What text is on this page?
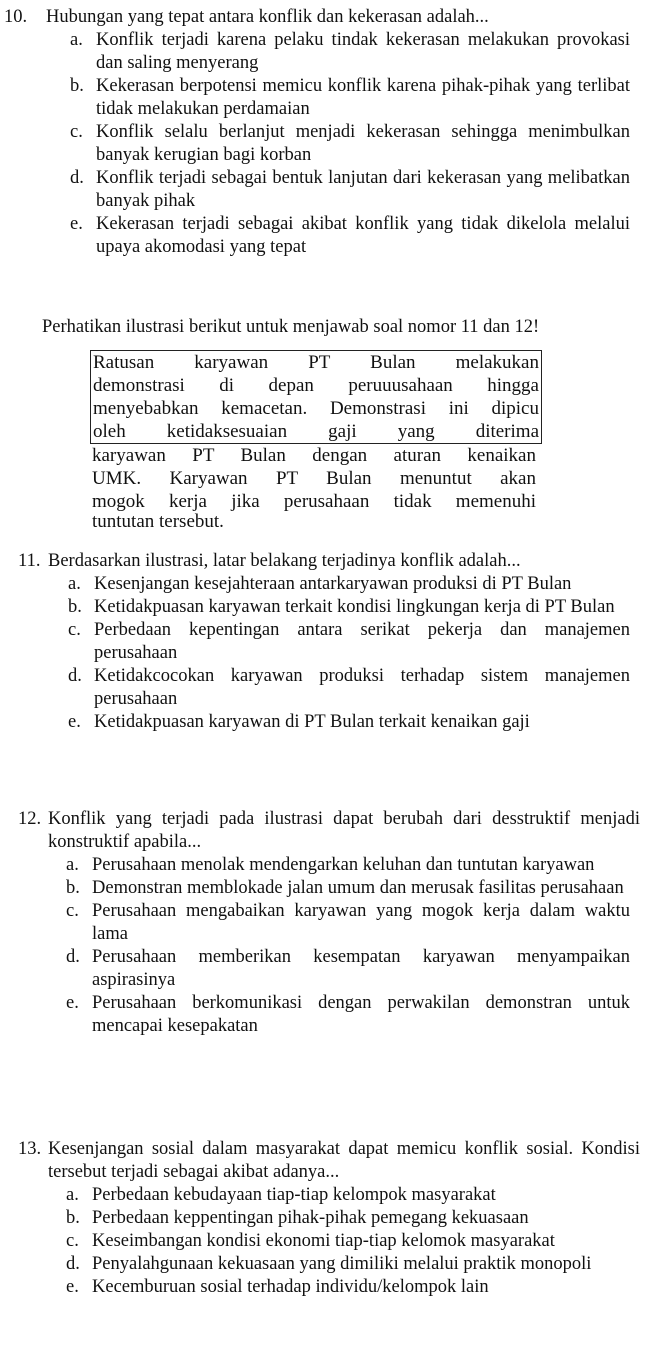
10.	Hubungan yang tepat antara konflik dan kekerasan adalah...
a. Konflik terjadi karena pelaku tindak kekerasan melakukan provokasi dan saling menyerang
b. Kekerasan berpotensi memicu konflik karena pihak-pihak yang terlibat tidak melakukan perdamaian
c. Konflik selalu berlanjut menjadi kekerasan sehingga menimbulkan banyak kerugian bagi korban
d. Konflik terjadi sebagai bentuk lanjutan dari kekerasan yang melibatkan banyak pihak
e. Kekerasan terjadi sebagai akibat konflik yang tidak dikelola melalui upaya akomodasi yang tepat
Perhatikan ilustrasi berikut untuk menjawab soal nomor 11 dan 12!
Ratusan karyawan PT Bulan melakukan
demonstrasi di depan peruuusahaan hingga
menyebabkan kemacetan. Demonstrasi ini dipicu
oleh ketidaksesuaian gaji yang diterima
karyawan PT Bulan dengan aturan kenaikan
UMK. Karyawan PT Bulan menuntut akan
mogok kerja jika perusahaan tidak memenuhi
tuntutan tersebut.
11. Berdasarkan ilustrasi, latar belakang terjadinya konflik adalah...
a. Kesenjangan kesejahteraan antarkaryawan produksi di PT Bulan
b. Ketidakpuasan karyawan terkait kondisi lingkungan kerja di PT Bulan
c. Perbedaan kepentingan antara serikat pekerja dan manajemen perusahaan
d. Ketidakcocokan karyawan produksi terhadap sistem manajemen perusahaan
e. Ketidakpuasan karyawan di PT Bulan terkait kenaikan gaji
12. Konflik yang terjadi pada ilustrasi dapat berubah dari desstruktif menjadi konstruktif apabila...
a. Perusahaan menolak mendengarkan keluhan dan tuntutan karyawan
b. Demonstran memblokade jalan umum dan merusak fasilitas perusahaan
c. Perusahaan mengabaikan karyawan yang mogok kerja dalam waktu lama
d. Perusahaan memberikan kesempatan karyawan menyampaikan aspirasinya
e. Perusahaan berkomunikasi dengan perwakilan demonstran untuk mencapai kesepakatan
13. Kesenjangan sosial dalam masyarakat dapat memicu konflik sosial. Kondisi tersebut terjadi sebagai akibat adanya...
a. Perbedaan kebudayaan tiap-tiap kelompok masyarakat
b. Perbedaan keppentingan pihak-pihak pemegang kekuasaan
c. Keseimbangan kondisi ekonomi tiap-tiap kelomok masyarakat
d. Penyalahgunaan kekuasaan yang dimiliki melalui praktik monopoli
e. Kecemburuan sosial terhadap individu/kelompok lain
